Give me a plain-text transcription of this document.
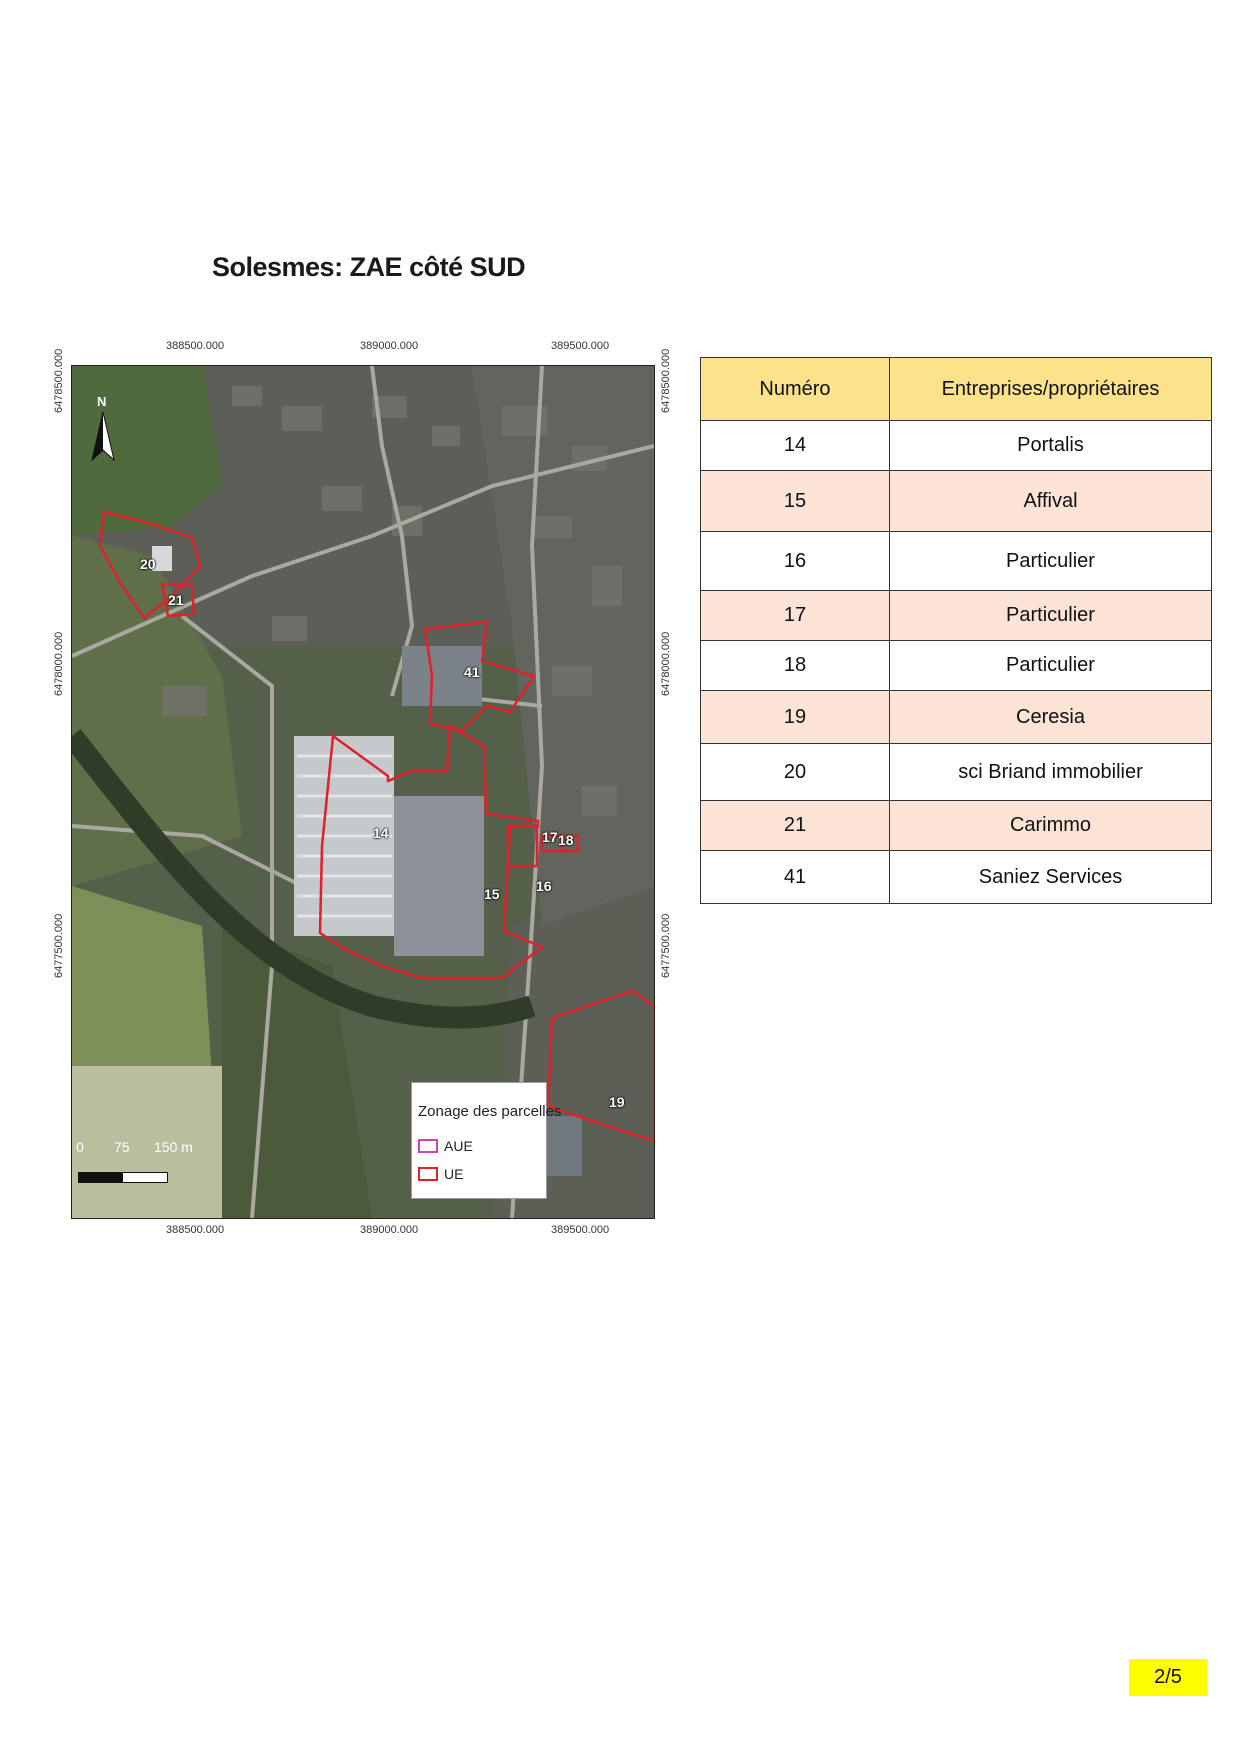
Solesmes: ZAE côté SUD
388500.000	389000.000	389500.000
388500.000	389000.000	389500.000
6478500.000
6478000.000
6477500.000
6478500.000
6478000.000
6477500.000
N
20
21
41
14
15	16
17 18
19
Zonage des parcelles
AUE
UE
0 75 150 m
Numéro	Entreprises/propriétaires
14	Portalis
15	Affival
16	Particulier
17	Particulier
18	Particulier
19	Ceresia
20	sci Briand immobilier
21	Carimmo
41	Saniez Services
2/5
